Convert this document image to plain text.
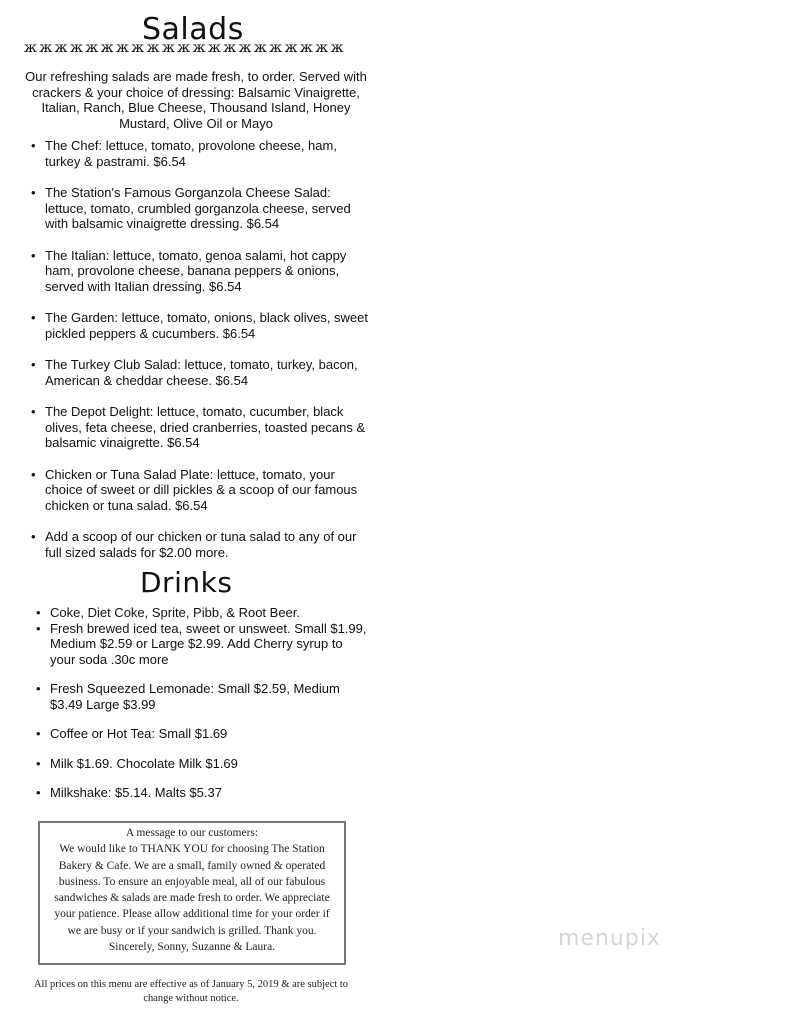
Salads
ж ж ж ж ж ж ж ж ж ж ж ж ж ж ж ж ж ж ж ж ж
Our refreshing salads are made fresh, to order. Served with crackers & your choice of dressing: Balsamic Vinaigrette, Italian, Ranch, Blue Cheese, Thousand Island, Honey Mustard, Olive Oil or Mayo
• The Chef: lettuce, tomato, provolone cheese, ham, turkey & pastrami. $6.54
• The Station's Famous Gorganzola Cheese Salad: lettuce, tomato, crumbled gorganzola cheese, served with balsamic vinaigrette dressing. $6.54
• The Italian: lettuce, tomato, genoa salami, hot cappy ham, provolone cheese, banana peppers & onions, served with Italian dressing. $6.54
• The Garden: lettuce, tomato, onions, black olives, sweet pickled peppers & cucumbers. $6.54
• The Turkey Club Salad: lettuce, tomato, turkey, bacon, American & cheddar cheese. $6.54
• The Depot Delight: lettuce, tomato, cucumber, black olives, feta cheese, dried cranberries, toasted pecans & balsamic vinaigrette. $6.54
• Chicken or Tuna Salad Plate: lettuce, tomato, your choice of sweet or dill pickles & a scoop of our famous chicken or tuna salad. $6.54
• Add a scoop of our chicken or tuna salad to any of our full sized salads for $2.00 more.
Drinks
• Coke, Diet Coke, Sprite, Pibb, & Root Beer.
• Fresh brewed iced tea, sweet or unsweet. Small $1.99, Medium $2.59 or Large $2.99. Add Cherry syrup to your soda .30c more
• Fresh Squeezed Lemonade: Small $2.59, Medium $3.49 Large $3.99
• Coffee or Hot Tea: Small $1.69
• Milk $1.69. Chocolate Milk $1.69
• Milkshake: $5.14. Malts $5.37
A message to our customers:
We would like to THANK YOU for choosing The Station
Bakery & Cafe. We are a small, family owned & operated
business. To ensure an enjoyable meal, all of our fabulous
sandwiches & salads are made fresh to order. We appreciate
your patience. Please allow additional time for your order if
we are busy or if your sandwich is grilled. Thank you.
Sincerely, Sonny, Suzanne & Laura.
All prices on this menu are effective as of January 5, 2019 & are subject to
change without notice.
menupix
